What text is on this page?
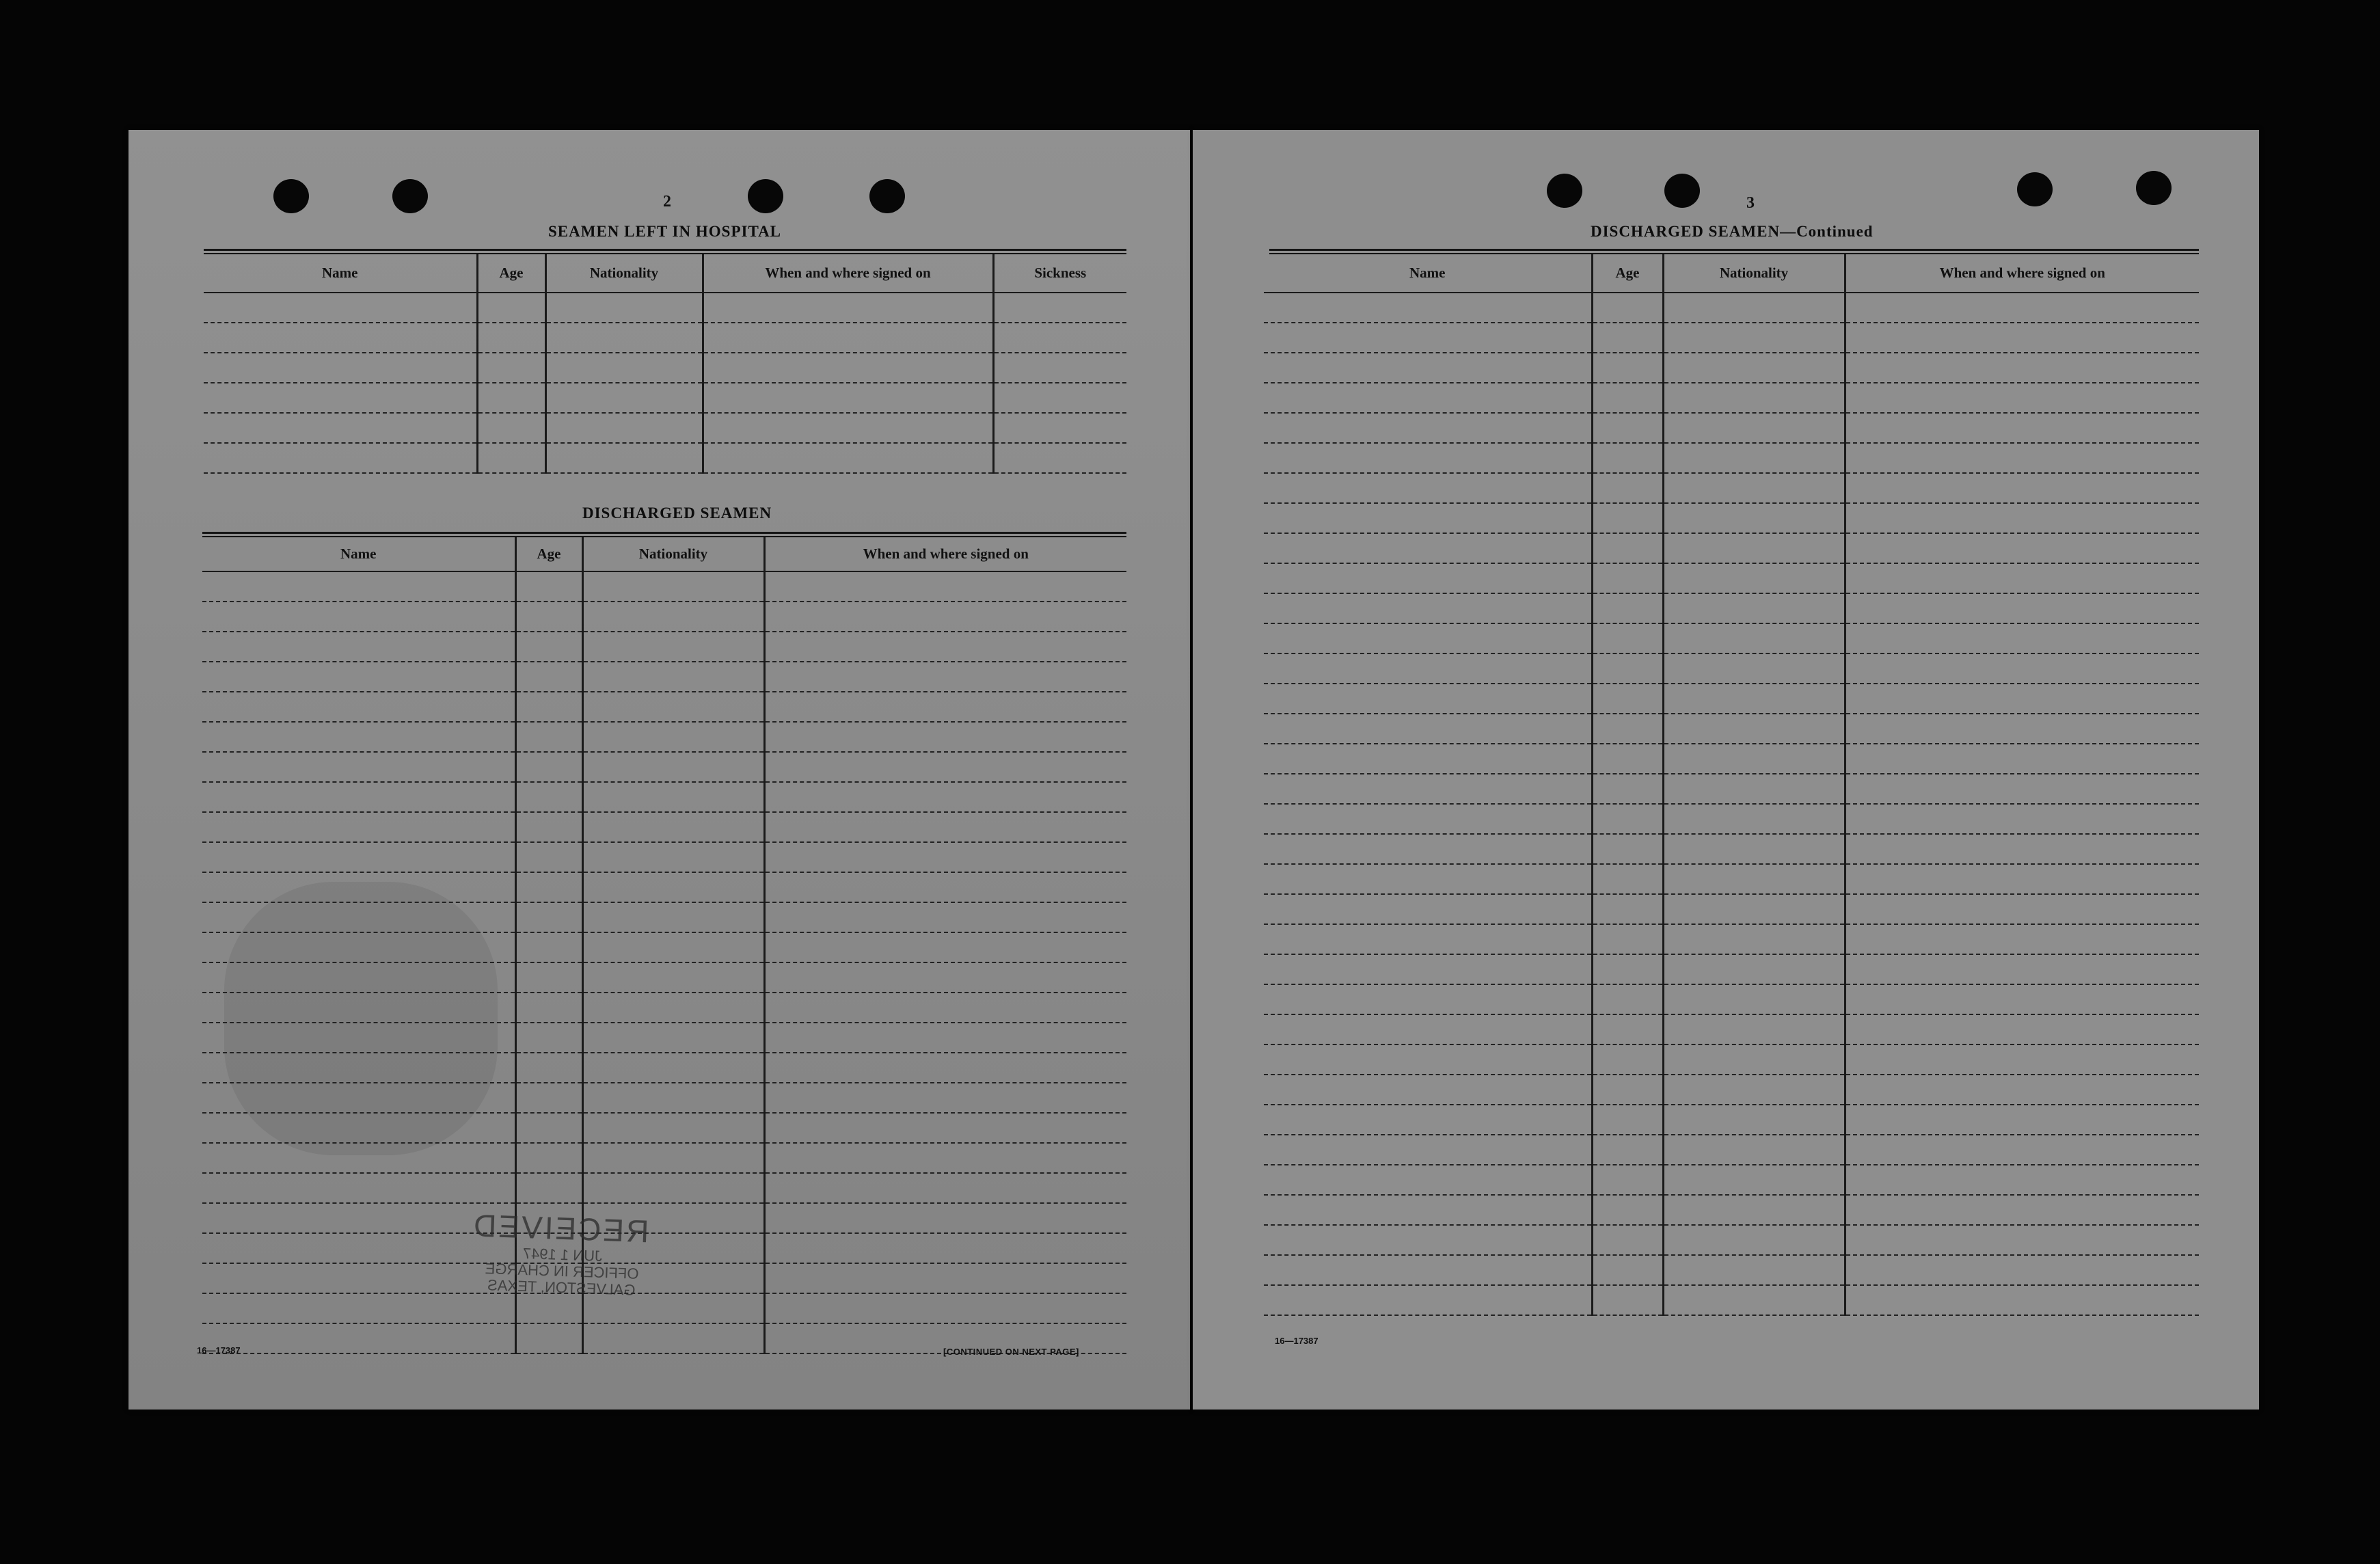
2
SEAMEN LEFT IN HOSPITAL
Name	Age	Nationality	When and where signed on	Sickness

DISCHARGED SEAMEN
Name	Age	Nationality	When and where signed on

RECEIVED
JUN 1 1947
OFFICER IN CHARGE
GALVESTON, TEXAS
16—17387	[CONTINUED ON NEXT PAGE]
3
DISCHARGED SEAMEN—Continued
Name	Age	Nationality	When and where signed on

16—17387
